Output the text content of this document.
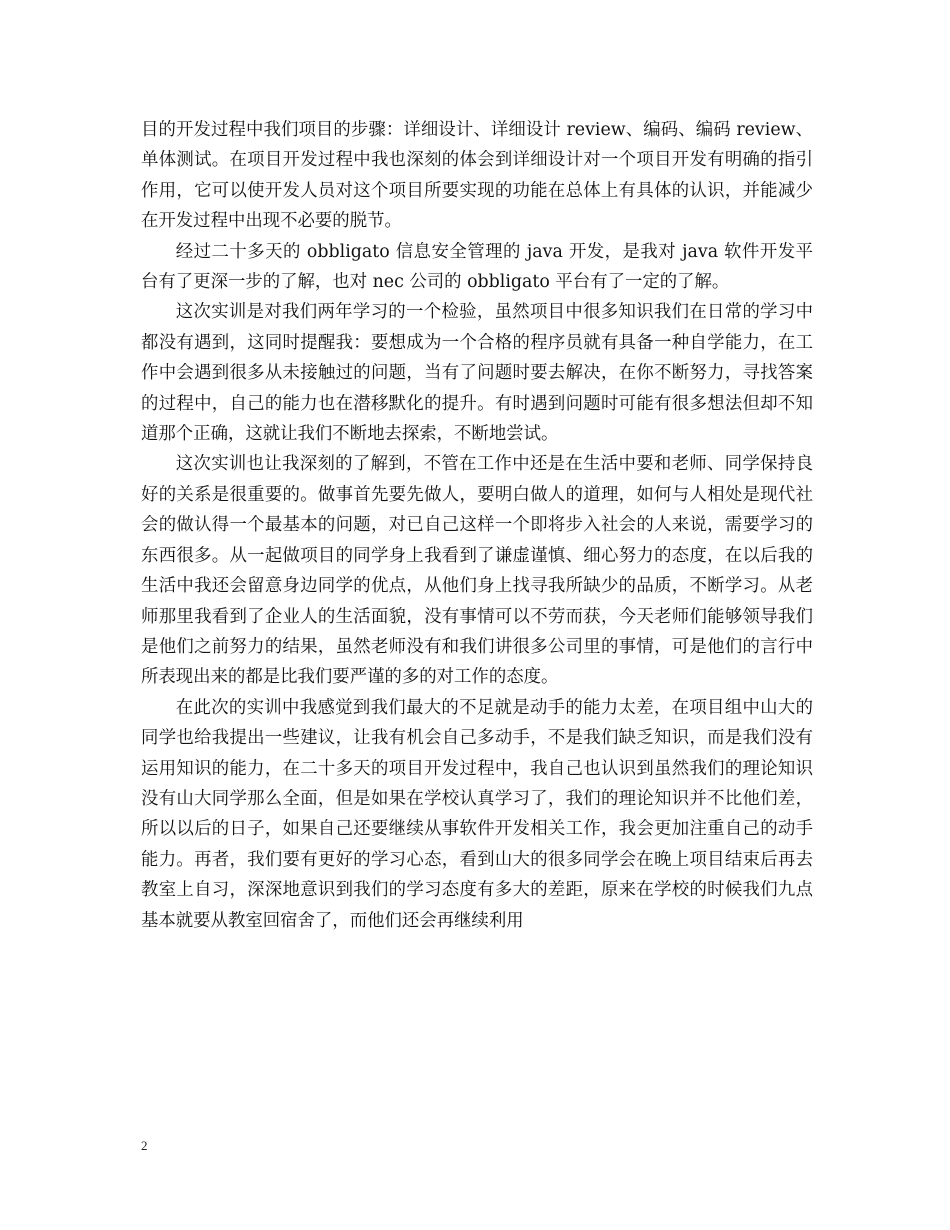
目的开发过程中我们项目的步骤：详细设计、详细设计 review、编码、编码 review、单体测试。在项目开发过程中我也深刻的体会到详细设计对一个项目开发有明确的指引作用，它可以使开发人员对这个项目所要实现的功能在总体上有具体的认识，并能减少在开发过程中出现不必要的脱节。

经过二十多天的 obbligato 信息安全管理的 java 开发，是我对 java 软件开发平台有了更深一步的了解，也对 nec 公司的 obbligato 平台有了一定的了解。

这次实训是对我们两年学习的一个检验，虽然项目中很多知识我们在日常的学习中都没有遇到，这同时提醒我：要想成为一个合格的程序员就有具备一种自学能力，在工作中会遇到很多从未接触过的问题，当有了问题时要去解决，在你不断努力，寻找答案的过程中，自己的能力也在潜移默化的提升。有时遇到问题时可能有很多想法但却不知道那个正确，这就让我们不断地去探索，不断地尝试。

这次实训也让我深刻的了解到，不管在工作中还是在生活中要和老师、同学保持良好的关系是很重要的。做事首先要先做人，要明白做人的道理，如何与人相处是现代社会的做认得一个最基本的问题，对已自己这样一个即将步入社会的人来说，需要学习的东西很多。从一起做项目的同学身上我看到了谦虚谨慎、细心努力的态度，在以后我的生活中我还会留意身边同学的优点，从他们身上找寻我所缺少的品质，不断学习。从老师那里我看到了企业人的生活面貌，没有事情可以不劳而获，今天老师们能够领导我们是他们之前努力的结果，虽然老师没有和我们讲很多公司里的事情，可是他们的言行中所表现出来的都是比我们要严谨的多的对工作的态度。

在此次的实训中我感觉到我们最大的不足就是动手的能力太差，在项目组中山大的同学也给我提出一些建议，让我有机会自己多动手，不是我们缺乏知识，而是我们没有运用知识的能力，在二十多天的项目开发过程中，我自己也认识到虽然我们的理论知识没有山大同学那么全面，但是如果在学校认真学习了，我们的理论知识并不比他们差，所以以后的日子，如果自己还要继续从事软件开发相关工作，我会更加注重自己的动手能力。再者，我们要有更好的学习心态，看到山大的很多同学会在晚上项目结束后再去教室上自习，深深地意识到我们的学习态度有多大的差距，原来在学校的时候我们九点基本就要从教室回宿舍了，而他们还会再继续利用

2
